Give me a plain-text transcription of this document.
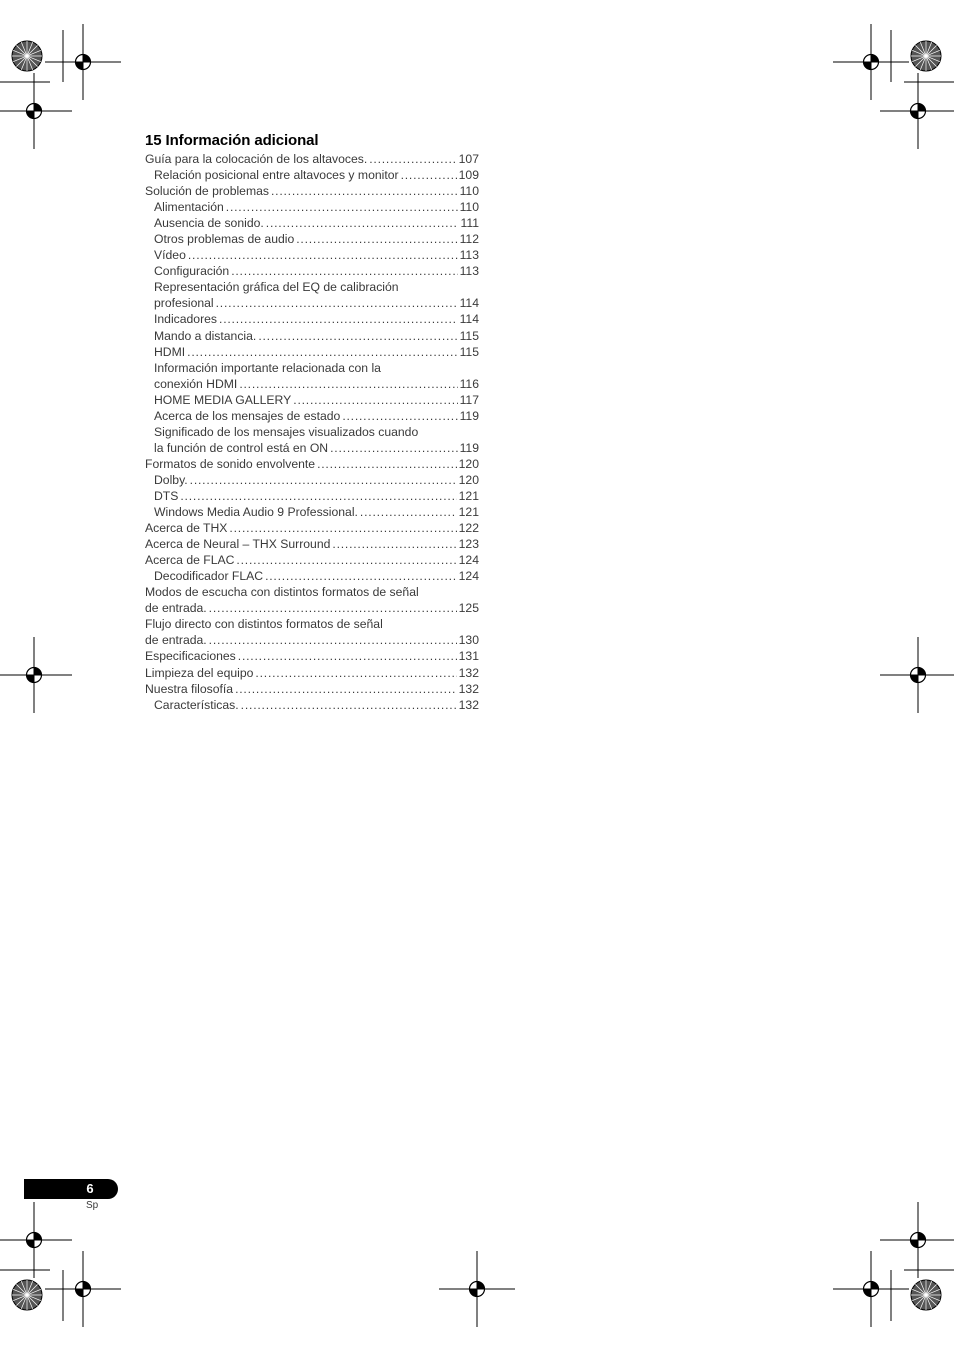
15 Información adicional
Guía para la colocación de los altavoces. . . .	107
Relación posicional entre altavoces y monitor . . .	109
Solución de problemas . . .	110
Alimentación . . .	110
Ausencia de sonido. . . .	111
Otros problemas de audio . . .	112
Vídeo . . .	113
Configuración . . .	113
Representación gráfica del EQ de calibración
profesional . . .	114
Indicadores . . .	114
Mando a distancia. . . .	115
HDMI . . .	115
Información importante relacionada con la
conexión HDMI . . .	116
HOME MEDIA GALLERY . . .	117
Acerca de los mensajes de estado . . .	119
Significado de los mensajes visualizados cuando
la función de control está en ON . . .	119
Formatos de sonido envolvente . . .	120
Dolby. . . .	120
DTS . . .	121
Windows Media Audio 9 Professional. . . .	121
Acerca de THX . . .	122
Acerca de Neural – THX Surround . . .	123
Acerca de FLAC . . .	124
Decodificador FLAC . . .	124
Modos de escucha con distintos formatos de señal
de entrada. . . .	125
Flujo directo con distintos formatos de señal
de entrada. . . .	130
Especificaciones . . .	131
Limpieza del equipo . . .	132
Nuestra filosofía . . .	132
Características. . . .	132
6
Sp
